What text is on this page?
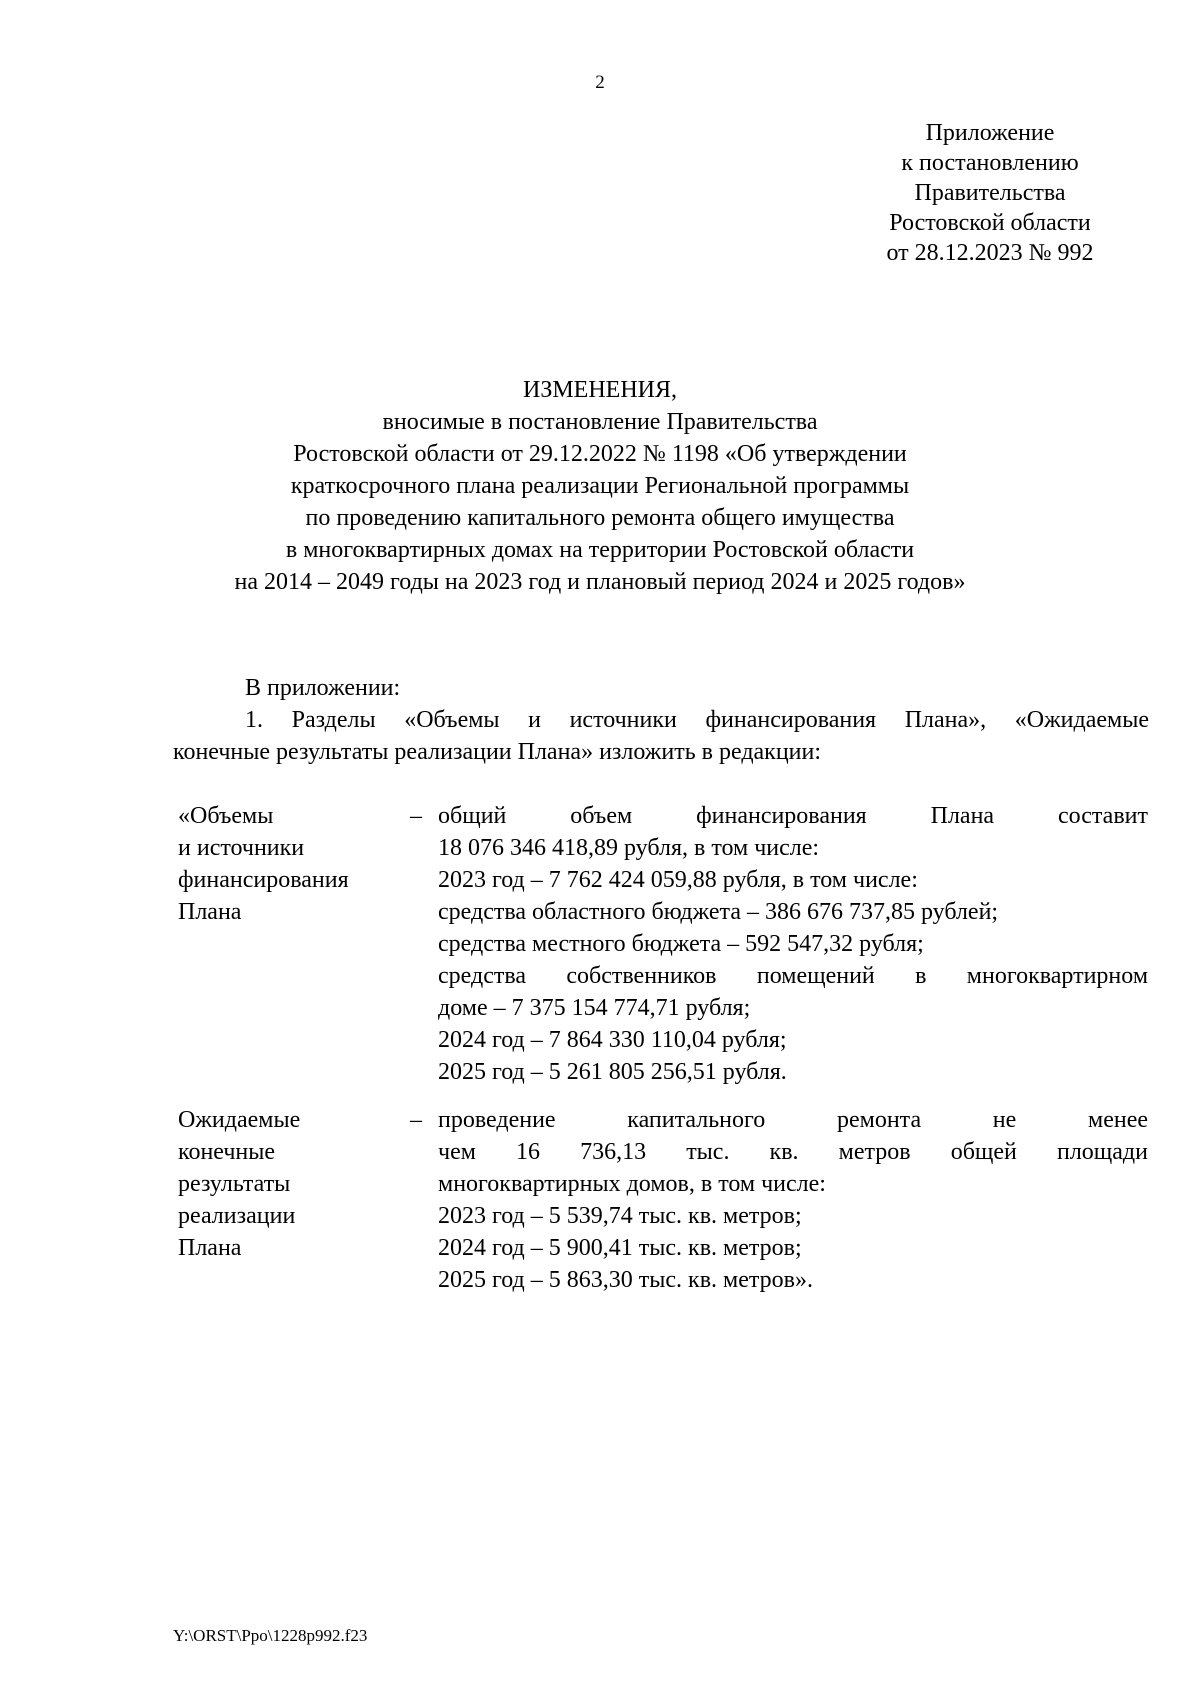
2
Приложение
к постановлению
Правительства
Ростовской области
от 28.12.2023 № 992
ИЗМЕНЕНИЯ,
вносимые в постановление Правительства
Ростовской области от 29.12.2022 № 1198 «Об утверждении
краткосрочного плана реализации Региональной программы
по проведению капитального ремонта общего имущества
в многоквартирных домах на территории Ростовской области
на 2014 – 2049 годы на 2023 год и плановый период 2024 и 2025 годов»
В приложении:
1. Разделы «Объемы и источники финансирования Плана», «Ожидаемые
конечные результаты реализации Плана» изложить в редакции:
«Объемы
и источники
финансирования
Плана
– общий объем финансирования Плана составит
18 076 346 418,89 рубля, в том числе:
2023 год – 7 762 424 059,88 рубля, в том числе:
средства областного бюджета – 386 676 737,85 рублей;
средства местного бюджета – 592 547,32 рубля;
средства собственников помещений в многоквартирном
доме – 7 375 154 774,71 рубля;
2024 год – 7 864 330 110,04 рубля;
2025 год – 5 261 805 256,51 рубля.
Ожидаемые
конечные
результаты
реализации
Плана
– проведение капитального ремонта не менее
чем 16 736,13 тыс. кв. метров общей площади
многоквартирных домов, в том числе:
2023 год – 5 539,74 тыс. кв. метров;
2024 год – 5 900,41 тыс. кв. метров;
2025 год – 5 863,30 тыс. кв. метров».
Y:\ORST\Ppo\1228p992.f23
